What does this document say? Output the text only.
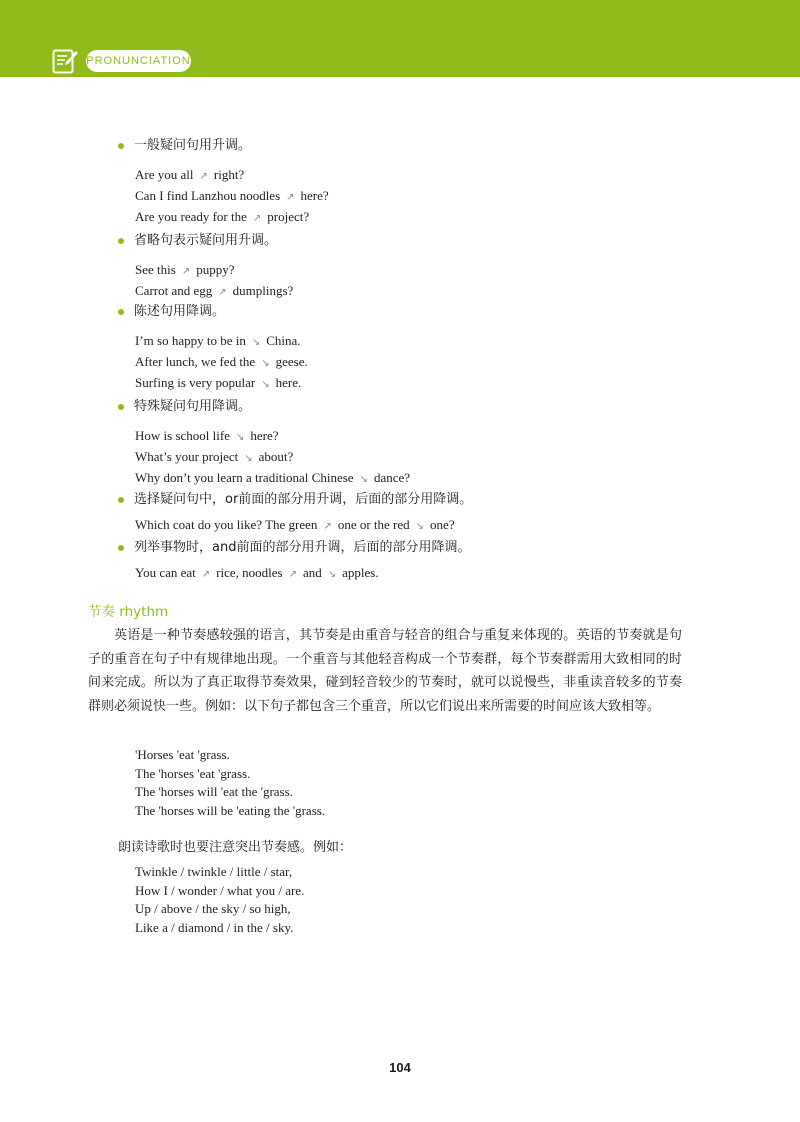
PRONUNCIATION
一般疑问句用升调。
Are you all ↗ right?
Can I find Lanzhou noodles ↗ here?
Are you ready for the ↗ project?
省略句表示疑问用升调。
See this ↗ puppy?
Carrot and egg ↗ dumplings?
陈述句用降调。
I’m so happy to be in ↘ China.
After lunch, we fed the ↘ geese.
Surfing is very popular ↘ here.
特殊疑问句用降调。
How is school life ↘ here?
What’s your project ↘ about?
Why don’t you learn a traditional Chinese ↘ dance?
选择疑问句中，or前面的部分用升调，后面的部分用降调。
Which coat do you like? The green ↗ one or the red ↘ one?
列举事物时，and前面的部分用升调，后面的部分用降调。
You can eat ↗ rice, noodles ↗ and ↘ apples.
节奏 rhythm
英语是一种节奏感较强的语言，其节奏是由重音与轻音的组合与重复来体现的。英语的节奏就是句子的重音在句子中有规律地出现。一个重音与其他轻音构成一个节奏群，每个节奏群需用大致相同的时间来完成。所以为了真正取得节奏效果，碰到轻音较少的节奏时，就可以说慢些，非重读音较多的节奏群则必须说快一些。例如：以下句子都包含三个重音，所以它们说出来所需要的时间应该大致相等。
'Horses 'eat 'grass.
The 'horses 'eat 'grass.
The 'horses will 'eat the 'grass.
The 'horses will be 'eating the 'grass.
朗读诗歌时也要注意突出节奏感。例如：
Twinkle / twinkle / little / star,
How I / wonder / what you / are.
Up / above / the sky / so high,
Like a / diamond / in the / sky.
104
